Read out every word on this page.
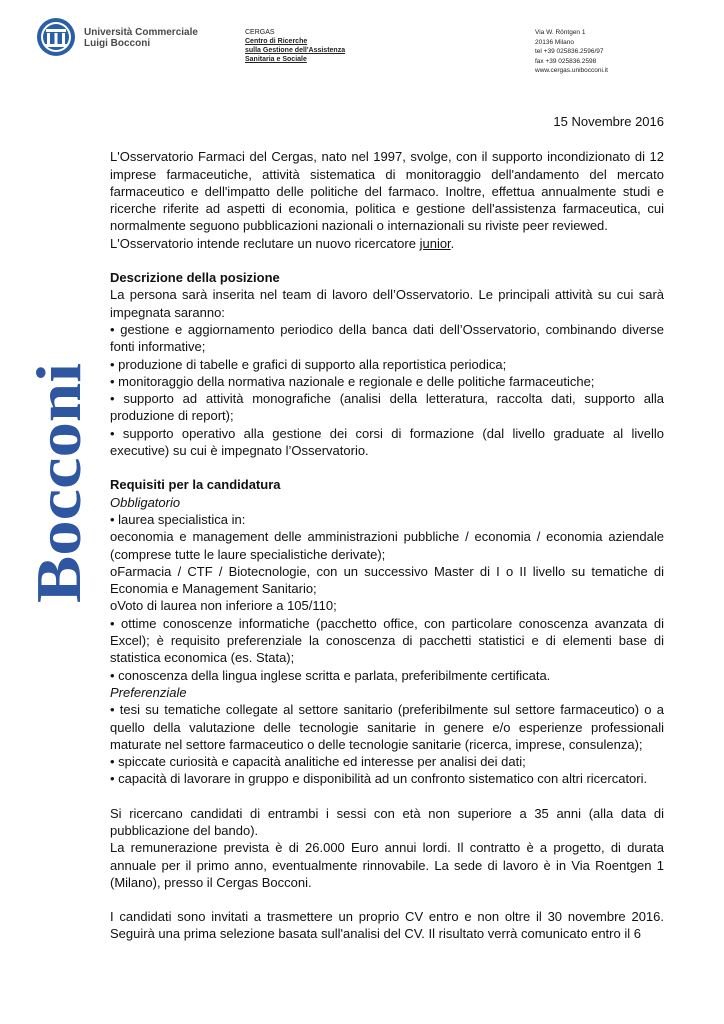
Università Commerciale
Luigi Bocconi
CERGAS
Centro di Ricerche
sulla Gestione dell'Assistenza
Sanitaria e Sociale
Via W. Röntgen 1
20136 Milano
tel +39 025836.2596/97
fax +39 025836.2598
www.cergas.unibocconi.it
Bocconi

15 Novembre 2016

L'Osservatorio Farmaci del Cergas, nato nel 1997, svolge, con il supporto incondizionato di 12 imprese farmaceutiche, attività sistematica di monitoraggio dell'andamento del mercato farmaceutico e dell'impatto delle politiche del farmaco. Inoltre, effettua annualmente studi e ricerche riferite ad aspetti di economia, politica e gestione dell'assistenza farmaceutica, cui normalmente seguono pubblicazioni nazionali o internazionali su riviste peer reviewed.

L'Osservatorio intende reclutare un nuovo ricercatore junior.

Descrizione della posizione

La persona sarà inserita nel team di lavoro dell’Osservatorio. Le principali attività su cui sarà impegnata saranno:

• gestione e aggiornamento periodico della banca dati dell’Osservatorio, combinando diverse fonti informative;

• produzione di tabelle e grafici di supporto alla reportistica periodica;

• monitoraggio della normativa nazionale e regionale e delle politiche farmaceutiche;

• supporto ad attività monografiche (analisi della letteratura, raccolta dati, supporto alla produzione di report);

• supporto operativo alla gestione dei corsi di formazione (dal livello graduate al livello executive) su cui è impegnato l’Osservatorio.

Requisiti per la candidatura

Obbligatorio

• laurea specialistica in:

o economia e management delle amministrazioni pubbliche / economia / economia aziendale (comprese tutte le laure specialistiche derivate);

o Farmacia / CTF / Biotecnologie, con un successivo Master di I o II livello su tematiche di Economia e Management Sanitario;

o Voto di laurea non inferiore a 105/110;

• ottime conoscenze informatiche (pacchetto office, con particolare conoscenza avanzata di Excel); è requisito preferenziale la conoscenza di pacchetti statistici e di elementi base di statistica economica (es. Stata);

• conoscenza della lingua inglese scritta e parlata, preferibilmente certificata.

Preferenziale

• tesi su tematiche collegate al settore sanitario (preferibilmente sul settore farmaceutico) o a quello della valutazione delle tecnologie sanitarie in genere e/o esperienze professionali maturate nel settore farmaceutico o delle tecnologie sanitarie (ricerca, imprese, consulenza);

• spiccate curiosità e capacità analitiche ed interesse per analisi dei dati;

• capacità di lavorare in gruppo e disponibilità ad un confronto sistematico con altri ricercatori.

Si ricercano candidati di entrambi i sessi con età non superiore a 35 anni (alla data di pubblicazione del bando).

La remunerazione prevista è di 26.000 Euro annui lordi. Il contratto è a progetto, di durata annuale per il primo anno, eventualmente rinnovabile. La sede di lavoro è in Via Roentgen 1 (Milano), presso il Cergas Bocconi.

I candidati sono invitati a trasmettere un proprio CV entro e non oltre il 30 novembre 2016. Seguirà una prima selezione basata sull'analisi del CV. Il risultato verrà comunicato entro il 6
